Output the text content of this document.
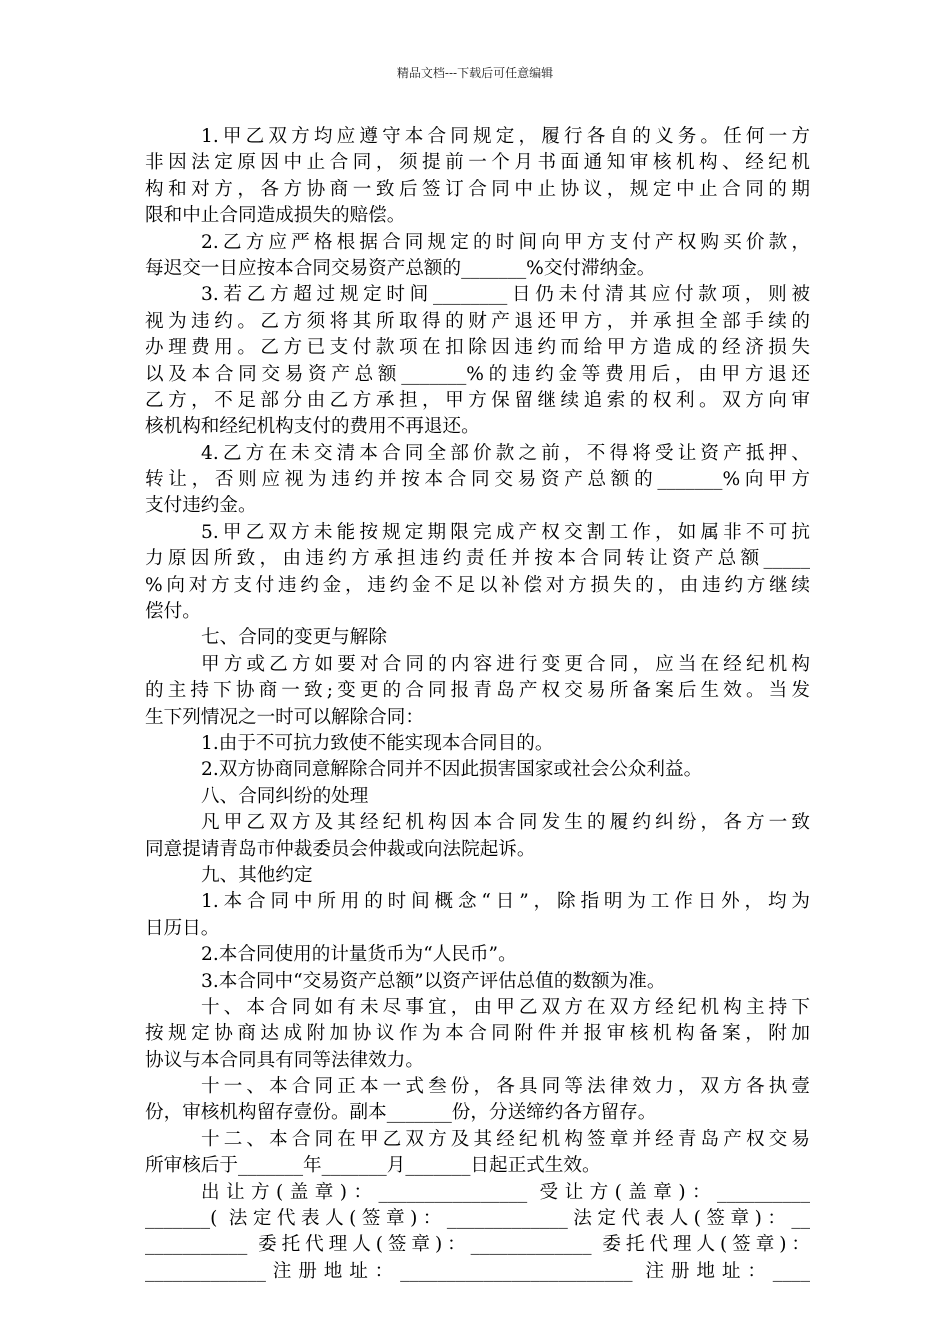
精品文档---下载后可任意编辑
1.甲乙双方均应遵守本合同规定，履行各自的义务。任何一方
非因法定原因中止合同，须提前一个月书面通知审核机构、经纪机
构和对方，各方协商一致后签订合同中止协议，规定中止合同的期
限和中止合同造成损失的赔偿。
2.乙方应严格根据合同规定的时间向甲方支付产权购买价款，
每迟交一日应按本合同交易资产总额的_______%交付滞纳金。
3.若乙方超过规定时间________日仍未付清其应付款项，则被
视为违约。乙方须将其所取得的财产退还甲方，并承担全部手续的
办理费用。乙方已支付款项在扣除因违约而给甲方造成的经济损失
以及本合同交易资产总额_______%的违约金等费用后，由甲方退还
乙方，不足部分由乙方承担，甲方保留继续追索的权利。双方向审
核机构和经纪机构支付的费用不再退还。
4.乙方在未交清本合同全部价款之前，不得将受让资产抵押、
转让，否则应视为违约并按本合同交易资产总额的_______%向甲方
支付违约金。
5.甲乙双方未能按规定期限完成产权交割工作，如属非不可抗
力原因所致，由违约方承担违约责任并按本合同转让资产总额_____
%向对方支付违约金，违约金不足以补偿对方损失的，由违约方继续
偿付。
七、合同的变更与解除
甲方或乙方如要对合同的内容进行变更合同，应当在经纪机构
的主持下协商一致;变更的合同报青岛产权交易所备案后生效。当发
生下列情况之一时可以解除合同：
1.由于不可抗力致使不能实现本合同目的。
2.双方协商同意解除合同并不因此损害国家或社会公众利益。
八、合同纠纷的处理
凡甲乙双方及其经纪机构因本合同发生的履约纠纷，各方一致
同意提请青岛市仲裁委员会仲裁或向法院起诉。
九、其他约定
1.本合同中所用的时间概念“日”，除指明为工作日外，均为
日历日。
2.本合同使用的计量货币为“人民币”。
3.本合同中“交易资产总额”以资产评估总值的数额为准。
十、本合同如有未尽事宜，由甲乙双方在双方经纪机构主持下
按规定协商达成附加协议作为本合同附件并报审核机构备案，附加
协议与本合同具有同等法律效力。
十一、本合同正本一式叁份，各具同等法律效力，双方各执壹
份，审核机构留存壹份。副本_______份，分送缔约各方留存。
十二、本合同在甲乙双方及其经纪机构签章并经青岛产权交易
所审核后于_______年_______月_______日起正式生效。
出让方(盖章)：________________ 受让方(盖章)：__________
_______( 法定代表人(签章)：_____________法定代表人(签章)：__
___________ 委托代理人(签章)：_____________ 委托代理人(签章)：
_____________注册地址：_________________________ 注册地址：____
